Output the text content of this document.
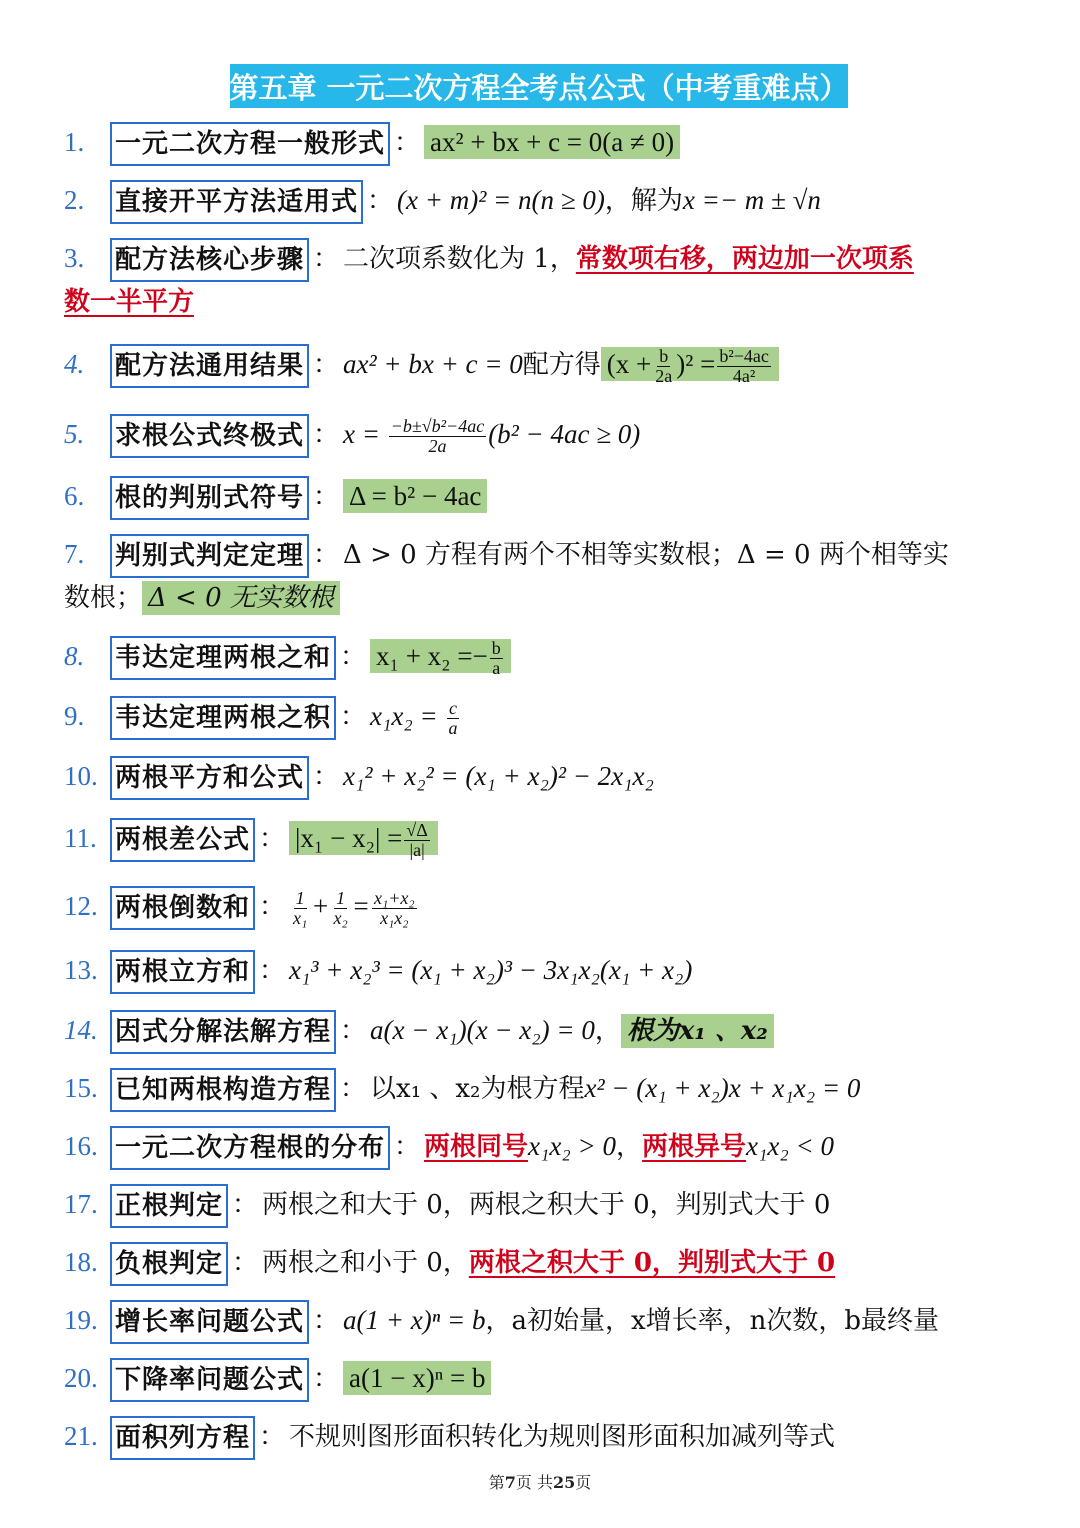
第五章 一元二次方程全考点公式（中考重难点）
1. 一元二次方程一般形式 ： ax² + bx + c = 0(a ≠ 0)
2. 直接开平方法适用式 ： (x + m)² = n(n ≥ 0)，解为x =− m ± √n
3. 配方法核心步骤 ： 二次项系数化为 1，常数项右移，两边加一次项系
数一半平方
4. 配方法通用结果 ： ax² + bx + c = 0配方得 $(x + \frac{b}{2a} )^2 = \frac{\text{b²−4ac}}{\text{4a²}}$
5. 求根公式终极式 ： $x = \frac{\text{−b±√b²−4ac}}{2a} (b^2 - 4ac \ge 0)$
6. 根的判别式符号 ： Δ = b² − 4ac
7. 判别式判定定理 ： Δ > 0 方程有两个不相等实数根；Δ = 0 两个相等实
数根； Δ < 0 无实数根
8. 韦达定理两根之和 ： $x_1 + x_2 =- \frac{b}{a}$
9. 韦达定理两根之积 ： $x_1x_2 = \frac{c}{a}$
10. 两根平方和公式 ： x₁² + x₂² = (x₁ + x₂)² − 2x₁x₂
11. 两根差公式 ： $|x_1 - x_2| = \frac{√\Delta}{|a|}$
12. 两根倒数和 ： $\frac{1}{\text{x₁}} + \frac{1}{\text{x₂}} = \frac{\text{x₁+x₂}}{\text{x₁x₂}}$
13. 两根立方和 ： x₁³ + x₂³ = (x₁ + x₂)³ − 3x₁x₂(x₁ + x₂)
14. 因式分解法解方程 ： a(x − x₁)(x − x₂) = 0， 根为x₁ 、x₂
15. 已知两根构造方程 ： 以x₁ 、x₂为根方程x² − (x₁ + x₂)x + x₁x₂ = 0
16. 一元二次方程根的分布 ： 两根同号x₁x₂ > 0，两根异号x₁x₂ < 0
17. 正根判定 ： 两根之和大于 0，两根之积大于 0，判别式大于 0
18. 负根判定 ： 两根之和小于 0，两根之积大于 0，判别式大于 0
19. 增长率问题公式 ： a(1 + x)ⁿ = b，a初始量，x增长率，n次数，b最终量
20. 下降率问题公式 ： a(1 − x)ⁿ = b
21. 面积列方程 ： 不规则图形面积转化为规则图形面积加减列等式
第7页 共25页
